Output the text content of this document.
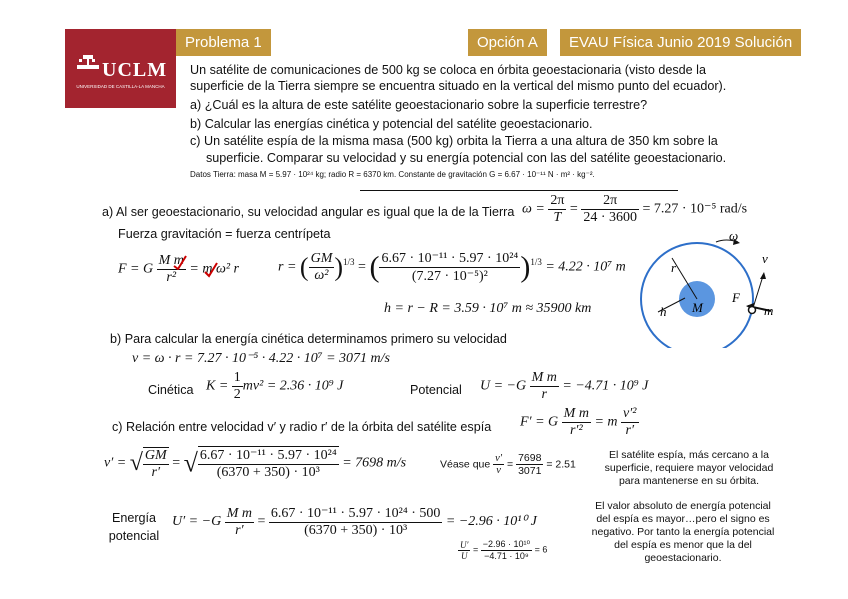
UCLM
UNIVERSIDAD DE CASTILLA-LA MANCHA
Problema 1	Opción A	EVAU Física Junio 2019 Solución
Un satélite de comunicaciones de 500 kg se coloca en órbita geoestacionaria (visto desde la
superficie de la Tierra siempre se encuentra situado en la vertical del mismo punto del ecuador).
a) ¿Cuál es la altura de este satélite geoestacionario sobre la superficie terrestre?
b) Calcular las energías cinética y potencial del satélite geoestacionario.
c) Un satélite espía de la misma masa (500 kg) orbita la Tierra a una altura de 350 km sobre la
superficie. Comparar su velocidad y su energía potencial con las del satélite geoestacionario.
Datos Tierra: masa M = 5.97 · 10²⁴ kg; radio R = 6370 km. Constante de gravitación G = 6.67 · 10⁻¹¹ N · m² · kg⁻².
a) Al ser geoestacionario, su velocidad angular es igual que la de la Tierra $\omega = \frac{2\pi}{T} = \frac{2\pi}{24 \cdot 3600} = 7.27 \cdot 10^{-5}$ rad/s
Fuerza gravitación = fuerza centrípeta
F = G $\frac{\text{M m}}{\text{r²}} = m$ ω² r	r = ( $\frac{GM}{\text{ω²}} )^{1/3}$ = ( $\frac{\text{6.67 · 10⁻¹¹ · 5.97 · 10²⁴}}{\text{(7.27 · 10⁻⁵)²}} )^{1/3} = 4.22 \cdot 10^7$ m
h = r − R = 3.59 · 10⁷ m ≈ 35900 km
ω
v
r
M
F
h	m
b) Para calcular la energía cinética determinamos primero su velocidad
v = ω · r = 7.27 · 10⁻⁵ · 4.22 · 10⁷ = 3071 m/s
Cinética $K = \frac{1}{2} mv^2 = 2.36 \cdot 10^9$ J	Potencial $U = -G \frac{\text{M m}}{r} = -4.71 \cdot 10^9$ J
c) Relación entre velocidad v′ y radio r′ de la órbita del satélite espía F′ = G $\frac{\text{M m}}{\text{r′²}} = m \frac{\text{v′²}}{r'}$
v′ = √ $\frac{GM}{r'}$ = √ $\frac{\text{6.67 · 10⁻¹¹ · 5.97 · 10²⁴}}{\text{(6370 + 350) · 10³}} = 7698$ m/s	Véase que $\frac{v'}{v} = \frac{7698}{3071} = 2.51$
El satélite espía, más cercano a la
superficie, requiere mayor velocidad
para mantenerse en su órbita.
Energía
potencial
$U' = -G \frac{\text{M m}}{r'} = \frac{\text{6.67 · 10⁻¹¹ · 5.97 · 10²⁴ · 500}}{\text{(6370 + 350) · 10³}} = -2.96 \cdot 10^{10}$ J
$\frac{U'}{U} = \frac{\text{−2.96 · 10¹⁰}}{\text{−4.71 · 10⁹}} = 6$
El valor absoluto de energía potencial
del espía es mayor…pero el signo es
negativo. Por tanto la energía potencial
del espía es menor que la del
geoestacionario.
